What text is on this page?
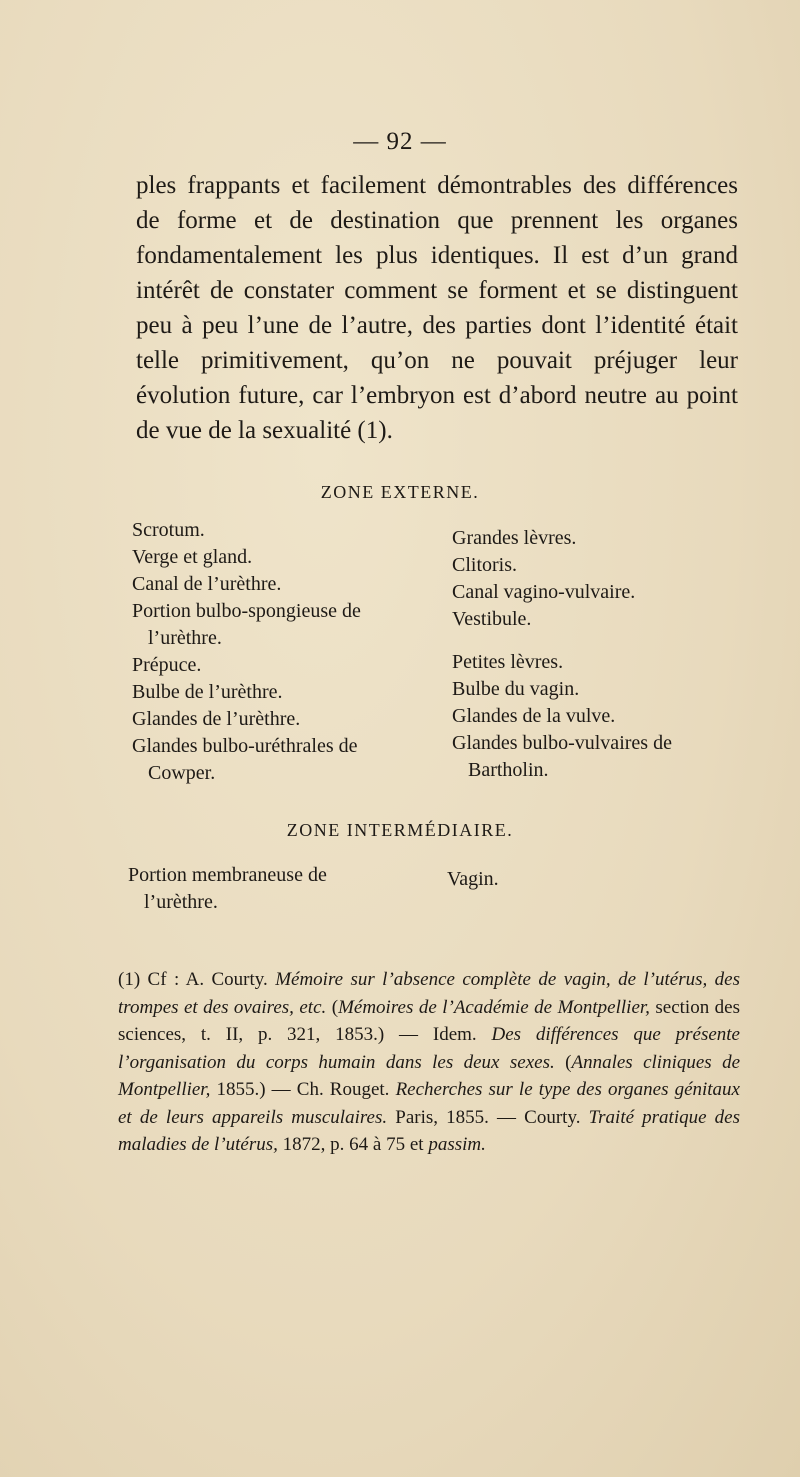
— 92 —
ples frappants et facilement démontrables des différences de forme et de destination que prennent les organes fondamentalement les plus identiques. Il est d’un grand intérêt de constater comment se forment et se distinguent peu à peu l’une de l’autre, des parties dont l’identité était telle primitivement, qu’on ne pouvait préjuger leur évolution future, car l’embryon est d’abord neutre au point de vue de la sexualité (1).
ZONE EXTERNE.
Scrotum.
Verge et gland.
Canal de l’urèthre.
Portion bulbo-spongieuse de l’urèthre.
Prépuce.
Bulbe de l’urèthre.
Glandes de l’urèthre.
Glandes bulbo-uréthrales de Cowper.
Grandes lèvres.
Clitoris.
Canal vagino-vulvaire.
Vestibule.
Petites lèvres.
Bulbe du vagin.
Glandes de la vulve.
Glandes bulbo-vulvaires de Bartholin.
ZONE INTERMÉDIAIRE.
Portion membraneuse de l’urèthre.
Vagin.
(1) Cf : A. Courty. Mémoire sur l’absence complète de vagin, de l’utérus, des trompes et des ovaires, etc. (Mémoires de l’Académie de Montpellier, section des sciences, t. II, p. 321, 1853.) — Idem. Des différences que présente l’organisation du corps humain dans les deux sexes. (Annales cliniques de Montpellier, 1855.) — Ch. Rouget. Recherches sur le type des organes génitaux et de leurs appareils musculaires. Paris, 1855. — Courty. Traité pratique des maladies de l’utérus, 1872, p. 64 à 75 et passim.
